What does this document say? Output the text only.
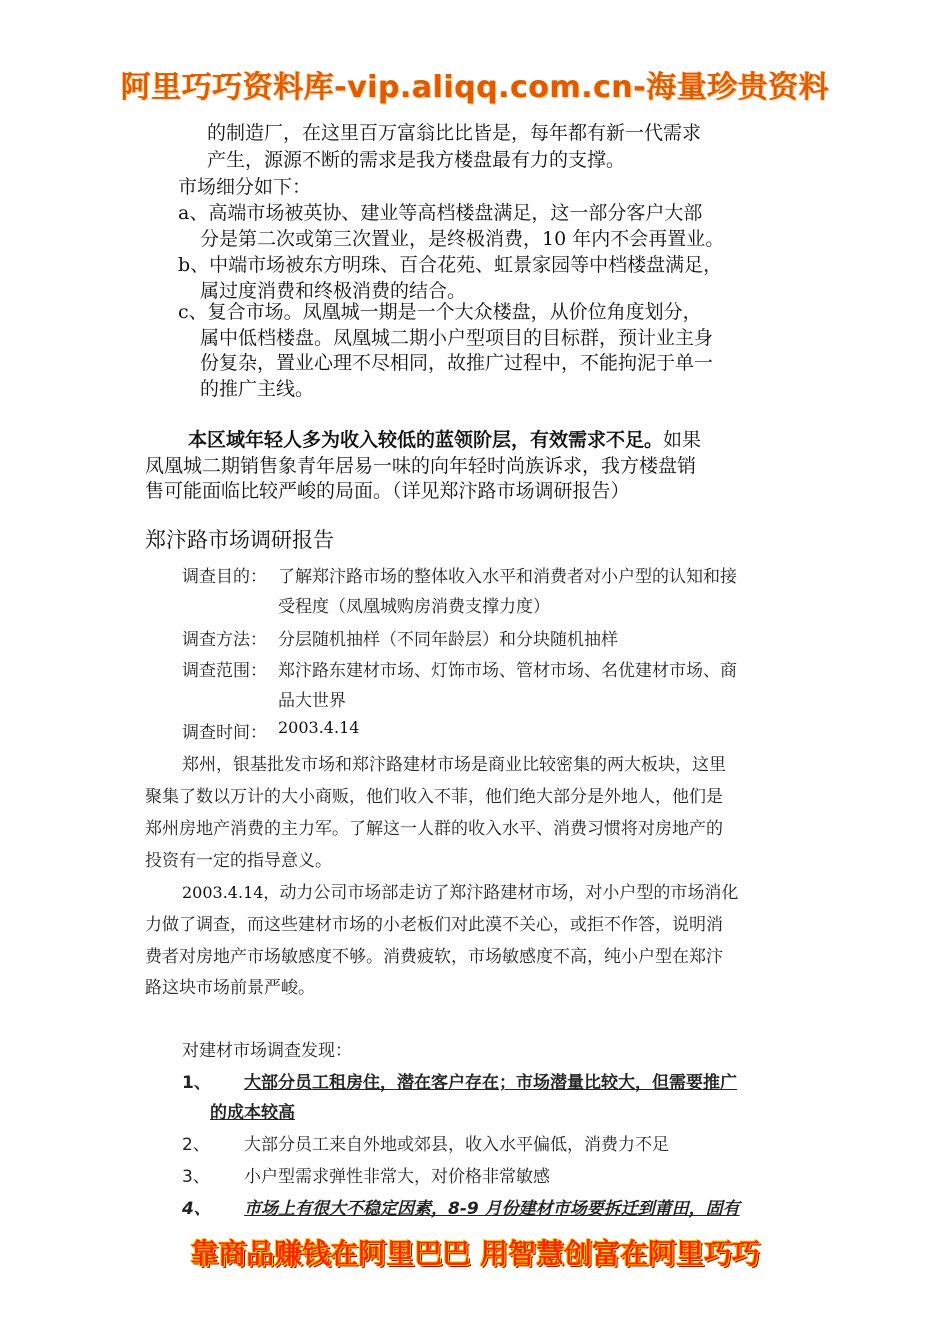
阿里巧巧资料库-vip.aliqq.com.cn-海量珍贵资料
的制造厂，在这里百万富翁比比皆是，每年都有新一代需求
产生，源源不断的需求是我方楼盘最有力的支撑。
市场细分如下：
a、高端市场被英协、建业等高档楼盘满足，这一部分客户大部
分是第二次或第三次置业，是终极消费，10 年内不会再置业。
b、中端市场被东方明珠、百合花苑、虹景家园等中档楼盘满足，
属过度消费和终极消费的结合。
c、复合市场。凤凰城一期是一个大众楼盘，从价位角度划分，
属中低档楼盘。凤凰城二期小户型项目的目标群，预计业主身
份复杂，置业心理不尽相同，故推广过程中，不能拘泥于单一
的推广主线。
本区域年轻人多为收入较低的蓝领阶层，有效需求不足。如果
凤凰城二期销售象青年居易一味的向年轻时尚族诉求，我方楼盘销
售可能面临比较严峻的局面。（详见郑汴路市场调研报告）
郑汴路市场调研报告
调查目的： 了解郑汴路市场的整体收入水平和消费者对小户型的认知和接
受程度（凤凰城购房消费支撑力度）
调查方法： 分层随机抽样（不同年龄层）和分块随机抽样
调查范围： 郑汴路东建材市场、灯饰市场、管材市场、名优建材市场、商
品大世界
调查时间： 2003.4.14
郑州，银基批发市场和郑汴路建材市场是商业比较密集的两大板块，这里
聚集了数以万计的大小商贩，他们收入不菲，他们绝大部分是外地人，他们是
郑州房地产消费的主力军。了解这一人群的收入水平、消费习惯将对房地产的
投资有一定的指导意义。
2003.4.14，动力公司市场部走访了郑汴路建材市场，对小户型的市场消化
力做了调查，而这些建材市场的小老板们对此漠不关心，或拒不作答，说明消
费者对房地产市场敏感度不够。消费疲软，市场敏感度不高，纯小户型在郑汴
路这块市场前景严峻。
对建材市场调查发现：
1、 大部分员工租房住，潜在客户存在；市场潜量比较大，但需要推广
的成本较高
2、 大部分员工来自外地或郊县，收入水平偏低，消费力不足
3、 小户型需求弹性非常大，对价格非常敏感
4、 市场上有很大不稳定因素，8-9 月份建材市场要拆迁到莆田，固有
靠商品赚钱在阿里巴巴 用智慧创富在阿里巧巧
